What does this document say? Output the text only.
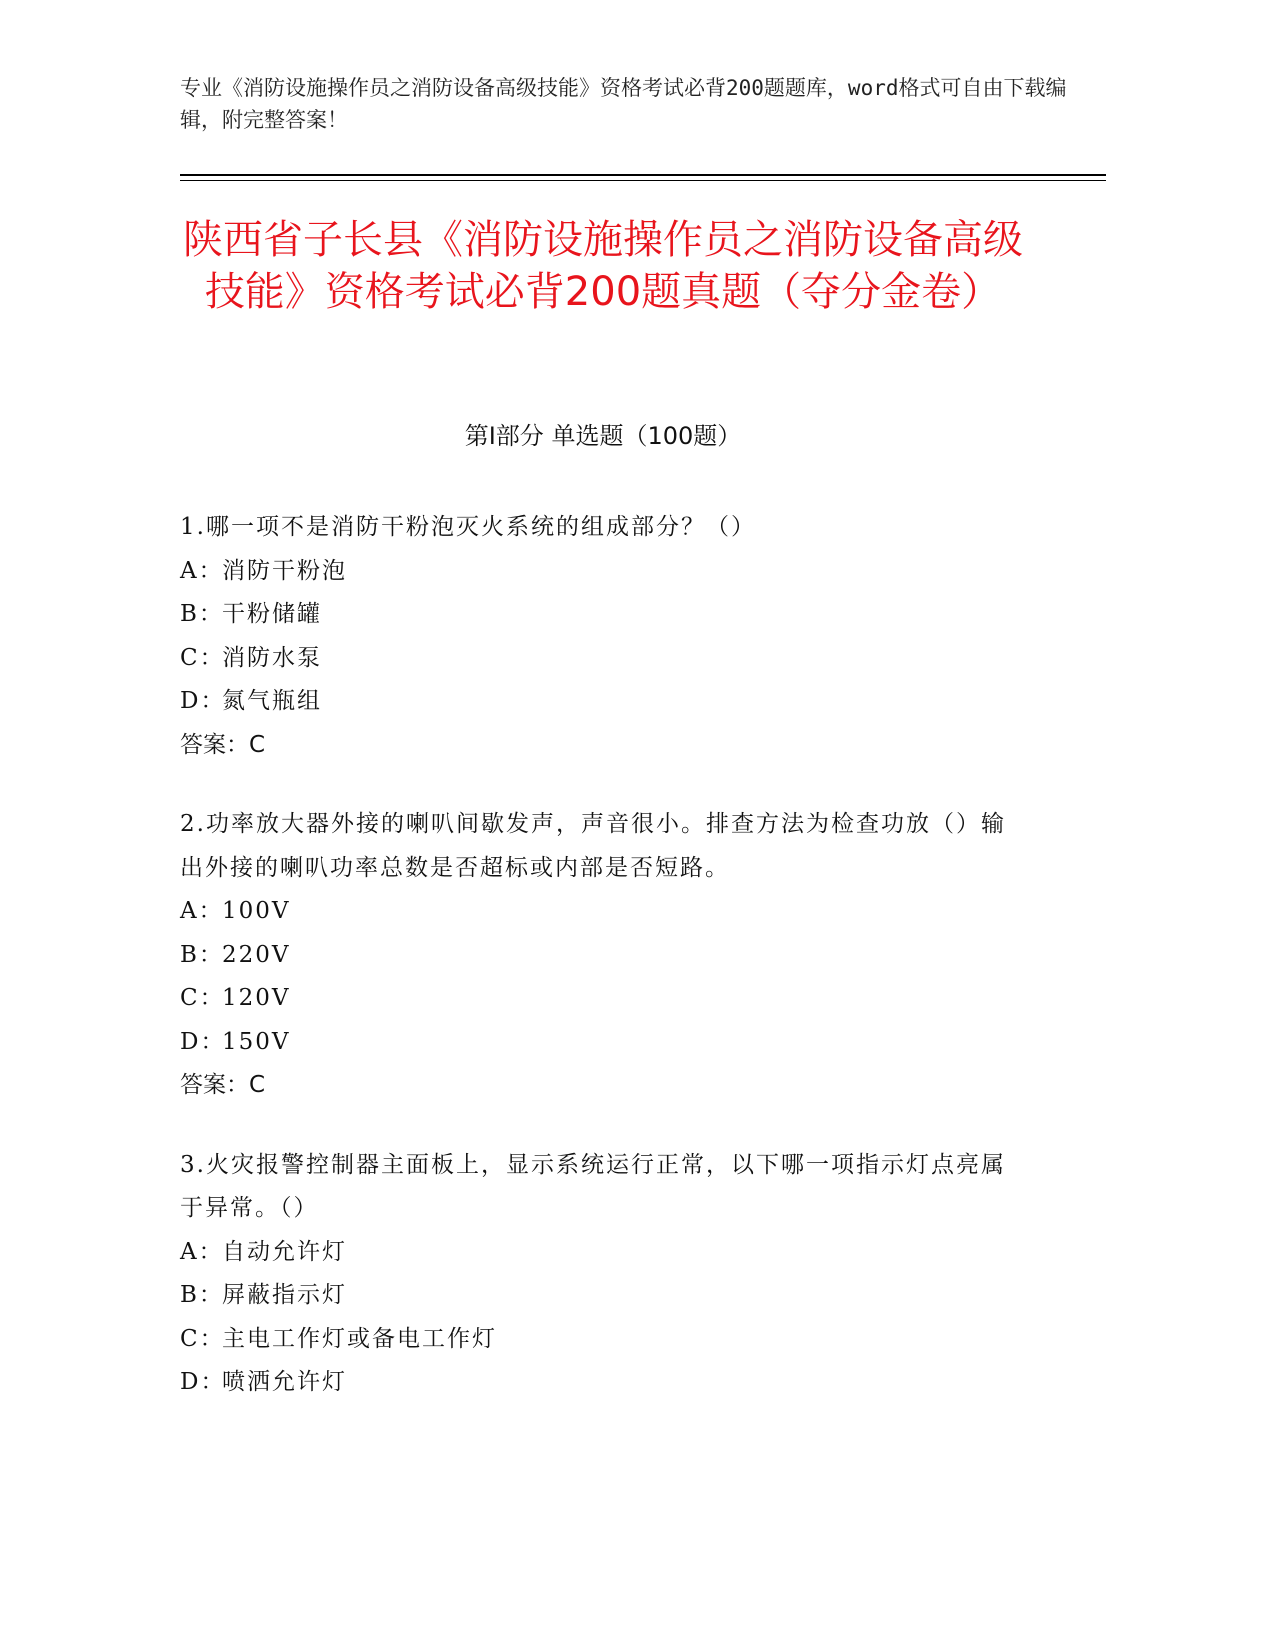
专业《消防设施操作员之消防设备高级技能》资格考试必背200题题库，word格式可自由下载编辑，附完整答案！
陕西省子长县《消防设施操作员之消防设备高级技能》资格考试必背200题真题（夺分金卷）
第Ⅰ部分 单选题（100题）
1.哪一项不是消防干粉泡灭火系统的组成部分？（）
A：消防干粉泡
B：干粉储罐
C：消防水泵
D：氮气瓶组
答案：C
2.功率放大器外接的喇叭间歇发声，声音很小。排查方法为检查功放（）输出外接的喇叭功率总数是否超标或内部是否短路。
A：100V
B：220V
C：120V
D：150V
答案：C
3.火灾报警控制器主面板上，显示系统运行正常，以下哪一项指示灯点亮属于异常。（）
A：自动允许灯
B：屏蔽指示灯
C：主电工作灯或备电工作灯
D：喷洒允许灯
